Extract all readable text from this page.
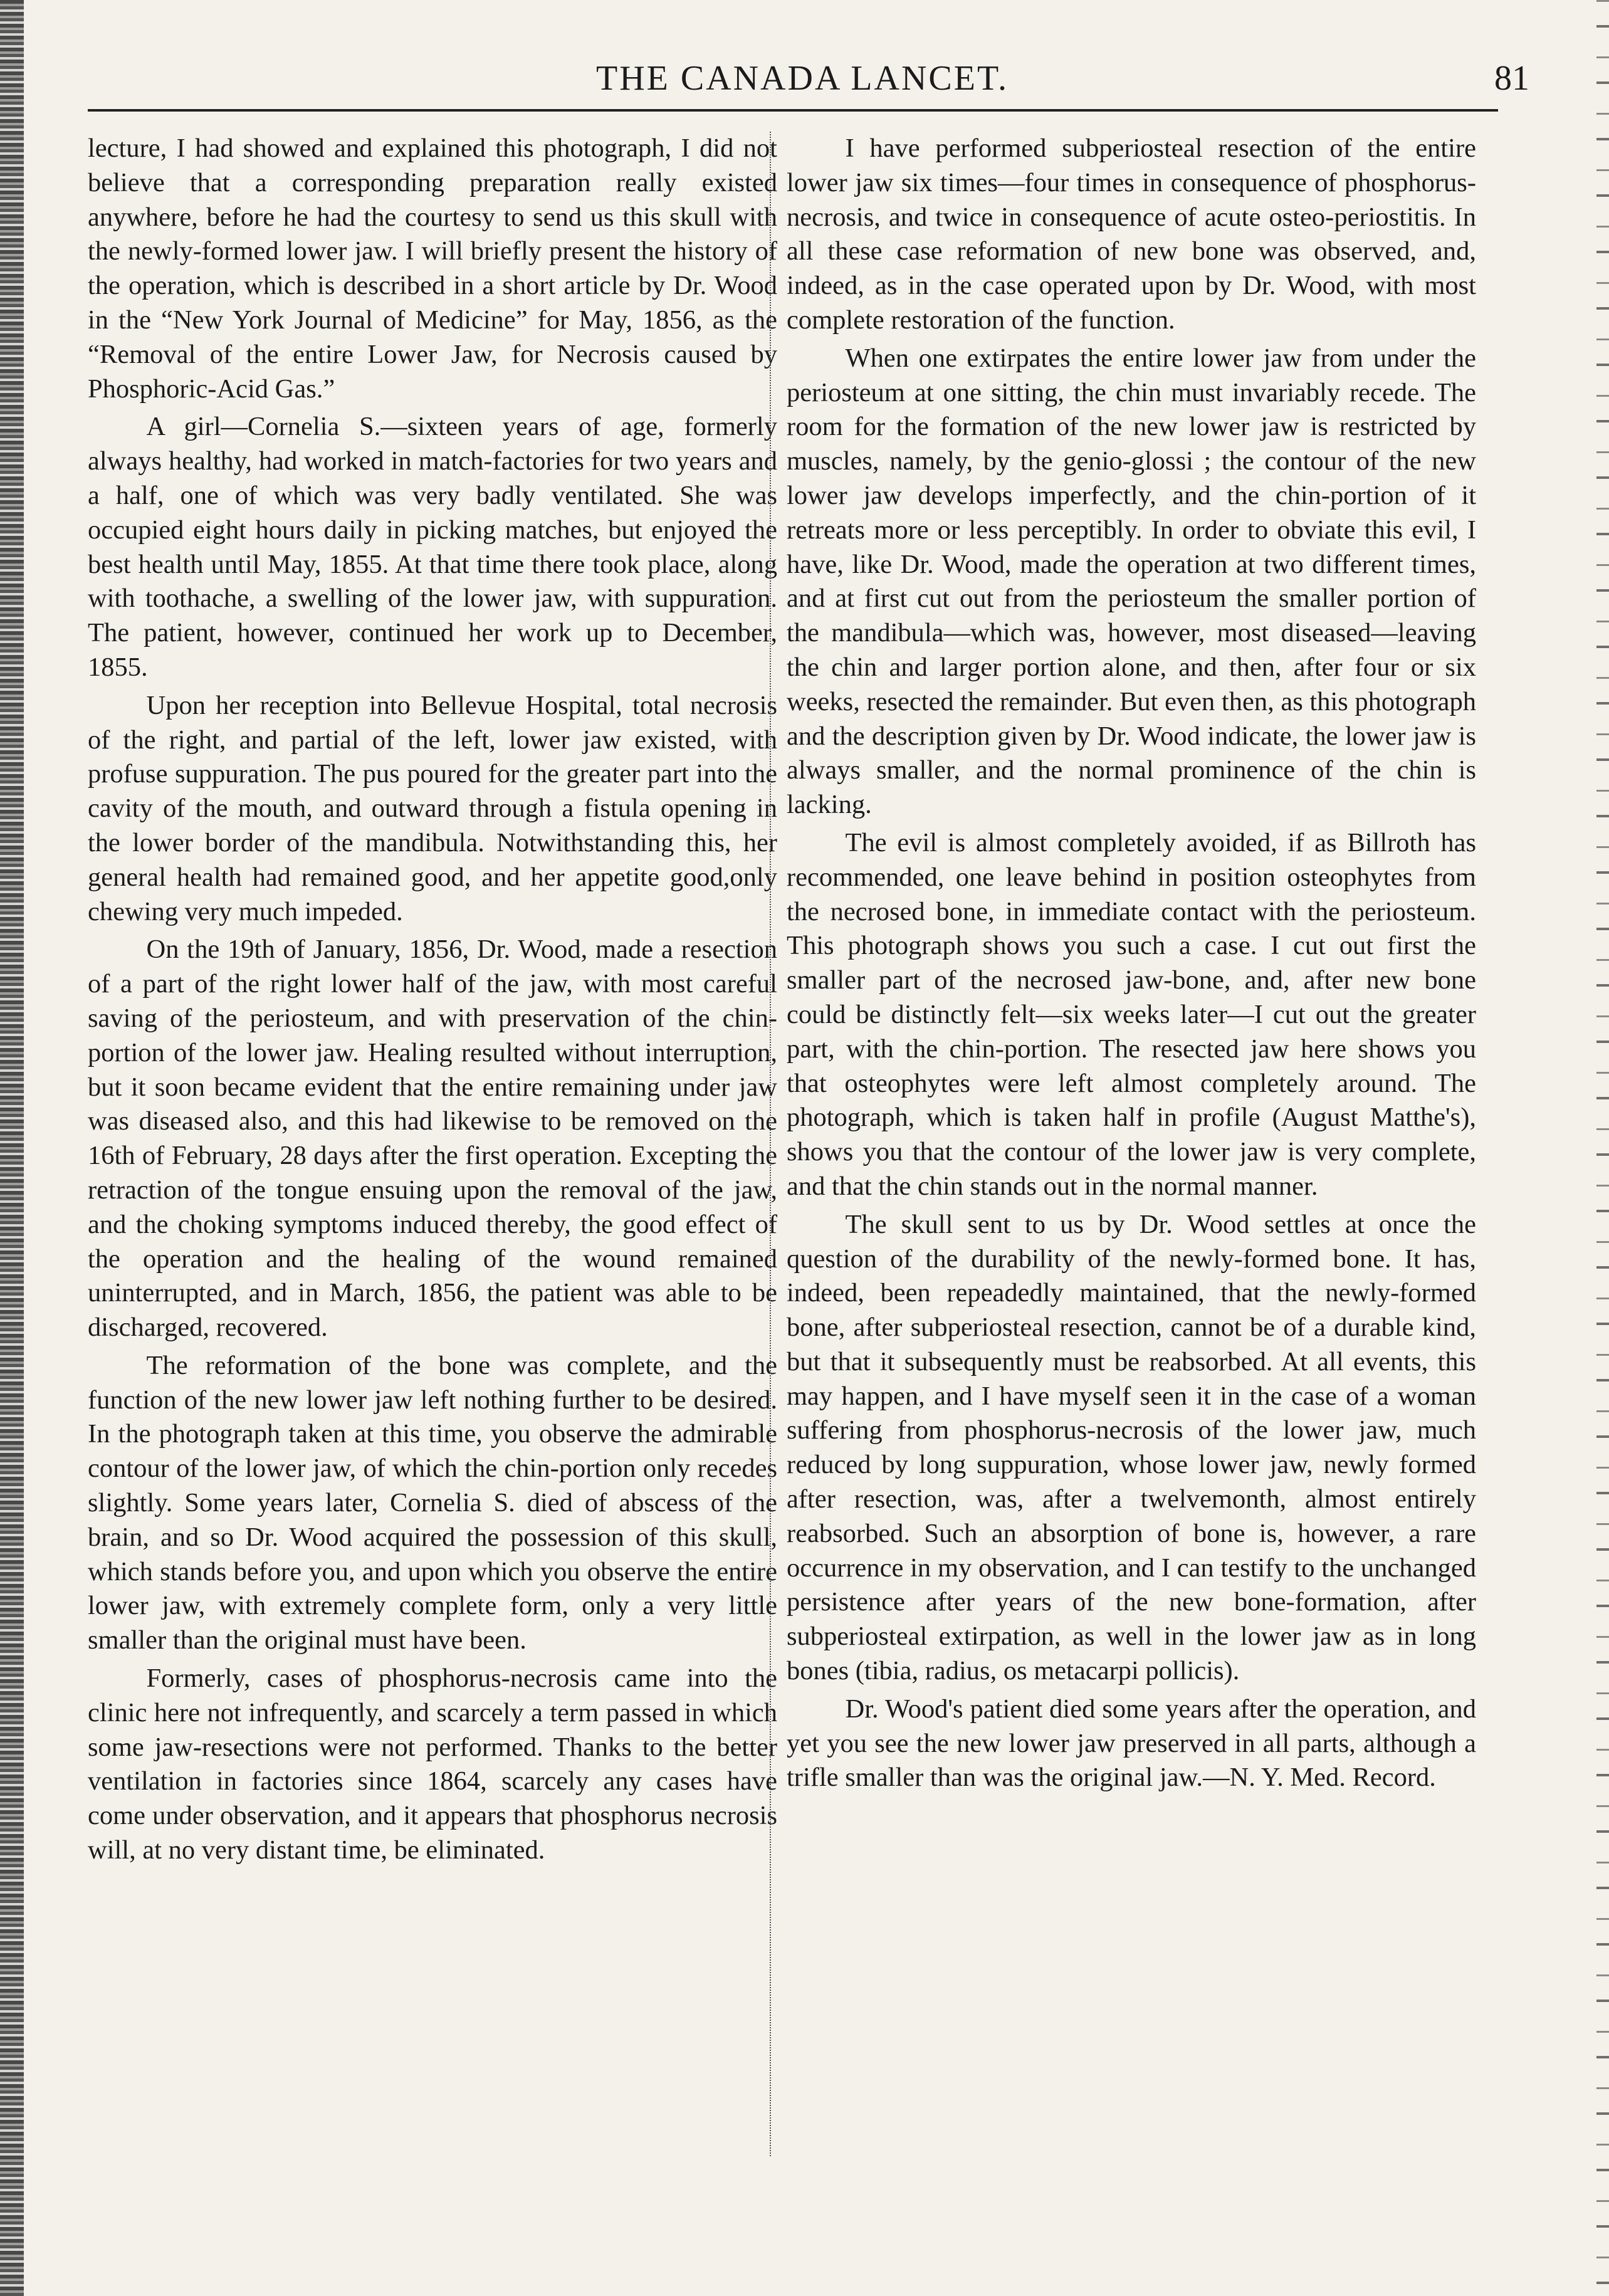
THE CANADA LANCET.	81

lecture, I had showed and explained this photograph, I did not believe that a corresponding preparation really existed anywhere, before he had the courtesy to send us this skull with the newly-formed lower jaw. I will briefly present the history of the operation, which is described in a short article by Dr. Wood in the “New York Journal of Medicine” for May, 1856, as the “Removal of the entire Lower Jaw, for Necrosis caused by Phosphoric-Acid Gas.”

A girl—Cornelia S.—sixteen years of age, formerly always healthy, had worked in match-factories for two years and a half, one of which was very badly ventilated. She was occupied eight hours daily in picking matches, but enjoyed the best health until May, 1855. At that time there took place, along with toothache, a swelling of the lower jaw, with suppuration. The patient, however, continued her work up to December, 1855.

Upon her reception into Bellevue Hospital, total necrosis of the right, and partial of the left, lower jaw existed, with profuse suppuration. The pus poured for the greater part into the cavity of the mouth, and outward through a fistula opening in the lower border of the mandibula. Notwithstanding this, her general health had remained good, and her appetite good,only chewing very much impeded.

On the 19th of January, 1856, Dr. Wood, made a resection of a part of the right lower half of the jaw, with most careful saving of the periosteum, and with preservation of the chin-portion of the lower jaw. Healing resulted without interruption, but it soon became evident that the entire remaining under jaw was diseased also, and this had likewise to be removed on the 16th of February, 28 days after the first operation. Excepting the retraction of the tongue ensuing upon the removal of the jaw, and the choking symptoms induced thereby, the good effect of the operation and the healing of the wound remained uninterrupted, and in March, 1856, the patient was able to be discharged, recovered.

The reformation of the bone was complete, and the function of the new lower jaw left nothing further to be desired. In the photograph taken at this time, you observe the admirable contour of the lower jaw, of which the chin-portion only recedes slightly. Some years later, Cornelia S. died of abscess of the brain, and so Dr. Wood acquired the possession of this skull, which stands before you, and upon which you observe the entire lower jaw, with extremely complete form, only a very little smaller than the original must have been.

Formerly, cases of phosphorus-necrosis came into the clinic here not infrequently, and scarcely a term passed in which some jaw-resections were not performed. Thanks to the better ventilation in factories since 1864, scarcely any cases have come under observation, and it appears that phosphorus necrosis will, at no very distant time, be eliminated.

I have performed subperiosteal resection of the entire lower jaw six times—four times in consequence of phosphorus-necrosis, and twice in consequence of acute osteo-periostitis. In all these case reformation of new bone was observed, and, indeed, as in the case operated upon by Dr. Wood, with most complete restoration of the function.

When one extirpates the entire lower jaw from under the periosteum at one sitting, the chin must invariably recede. The room for the formation of the new lower jaw is restricted by muscles, namely, by the genio-glossi ; the contour of the new lower jaw develops imperfectly, and the chin-portion of it retreats more or less perceptibly. In order to obviate this evil, I have, like Dr. Wood, made the operation at two different times, and at first cut out from the periosteum the smaller portion of the mandibula—which was, however, most diseased—leaving the chin and larger portion alone, and then, after four or six weeks, resected the remainder. But even then, as this photograph and the description given by Dr. Wood indicate, the lower jaw is always smaller, and the normal prominence of the chin is lacking.

The evil is almost completely avoided, if as Billroth has recommended, one leave behind in position osteophytes from the necrosed bone, in immediate contact with the periosteum. This photograph shows you such a case. I cut out first the smaller part of the necrosed jaw-bone, and, after new bone could be distinctly felt—six weeks later—I cut out the greater part, with the chin-portion. The resected jaw here shows you that osteophytes were left almost completely around. The photograph, which is taken half in profile (August Matthe's), shows you that the contour of the lower jaw is very complete, and that the chin stands out in the normal manner.

The skull sent to us by Dr. Wood settles at once the question of the durability of the newly-formed bone. It has, indeed, been repeadedly maintained, that the newly-formed bone, after subperiosteal resection, cannot be of a durable kind, but that it subsequently must be reabsorbed. At all events, this may happen, and I have myself seen it in the case of a woman suffering from phosphorus-necrosis of the lower jaw, much reduced by long suppuration, whose lower jaw, newly formed after resection, was, after a twelvemonth, almost entirely reabsorbed. Such an absorption of bone is, however, a rare occurrence in my observation, and I can testify to the unchanged persistence after years of the new bone-formation, after subperiosteal extirpation, as well in the lower jaw as in long bones (tibia, radius, os metacarpi pollicis).

Dr. Wood's patient died some years after the operation, and yet you see the new lower jaw preserved in all parts, although a trifle smaller than was the original jaw.—N. Y. Med. Record.
